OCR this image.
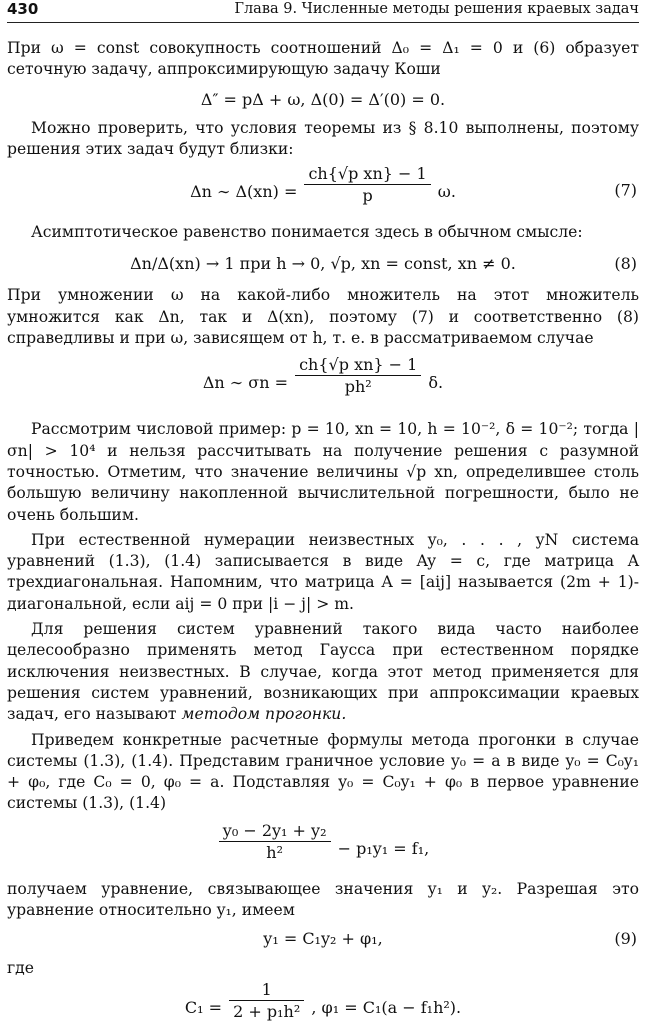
430	Глава 9. Численные методы решения краевых задач

При ω = const совокупность соотношений Δ₀ = Δ₁ = 0 и (6) образует сеточную задачу, аппроксимирующую задачу Коши

Δ″ = pΔ + ω, Δ(0) = Δ′(0) = 0.

Можно проверить, что условия теоремы из § 8.10 выполнены, поэтому решения этих задач будут близки:

Δn ∼ $\Delta(xn) = \frac{\text{ch\{√p xn\} − 1}}{p} \omega$.	(7)

Асимптотическое равенство понимается здесь в обычном смысле:

Δn/Δ(xn) → 1 при h → 0, √p, xn = const, xn ≠ 0.	(8)

При умножении ω на какой-либо множитель на этот множитель умножится как Δn, так и Δ(xn), поэтому (7) и соответственно (8) справедливы и при ω, зависящем от h, т. е. в рассматриваемом случае

Δn ∼ $\sigma n = \frac{\text{ch\{√p xn\} − 1}}{\text{ph²}} \delta$.

Рассмотрим числовой пример: p = 10, xn = 10, h = 10⁻², δ = 10⁻²; тогда |σn| > 10⁴ и нельзя рассчитывать на получение решения с разумной точностью. Отметим, что значение величины √p xn, определившее столь большую величину накопленной вычислительной погрешности, было не очень большим.

При естественной нумерации неизвестных y₀, . . . , yN система уравнений (1.3), (1.4) записывается в виде Ay = c, где матрица A трехдиагональная. Напомним, что матрица A = [aij] называется (2m + 1)-диагональной, если aij = 0 при |i − j| > m.

Для решения систем уравнений такого вида часто наиболее целесообразно применять метод Гаусса при естественном порядке исключения неизвестных. В случае, когда этот метод применяется для решения систем уравнений, возникающих при аппроксимации краевых задач, его называют методом прогонки.

Приведем конкретные расчетные формулы метода прогонки в случае системы (1.3), (1.4). Представим граничное условие y₀ = a в виде y₀ = C₀y₁ + φ₀, где C₀ = 0, φ₀ = a. Подставляя y₀ = C₀y₁ + φ₀ в первое уравнение системы (1.3), (1.4)

$\frac{\text{y₀ − 2y₁ + y₂}}{\text{h²}} - p_1y_1 = f_1$,

получаем уравнение, связывающее значения y₁ и y₂. Разрешая это уравнение относительно y₁, имеем

y₁ = C₁y₂ + φ₁,	(9)

где

$C_1 = \frac{1}{\text{2 + p₁h²}}$ , φ₁ = C₁(a − f₁h²).
